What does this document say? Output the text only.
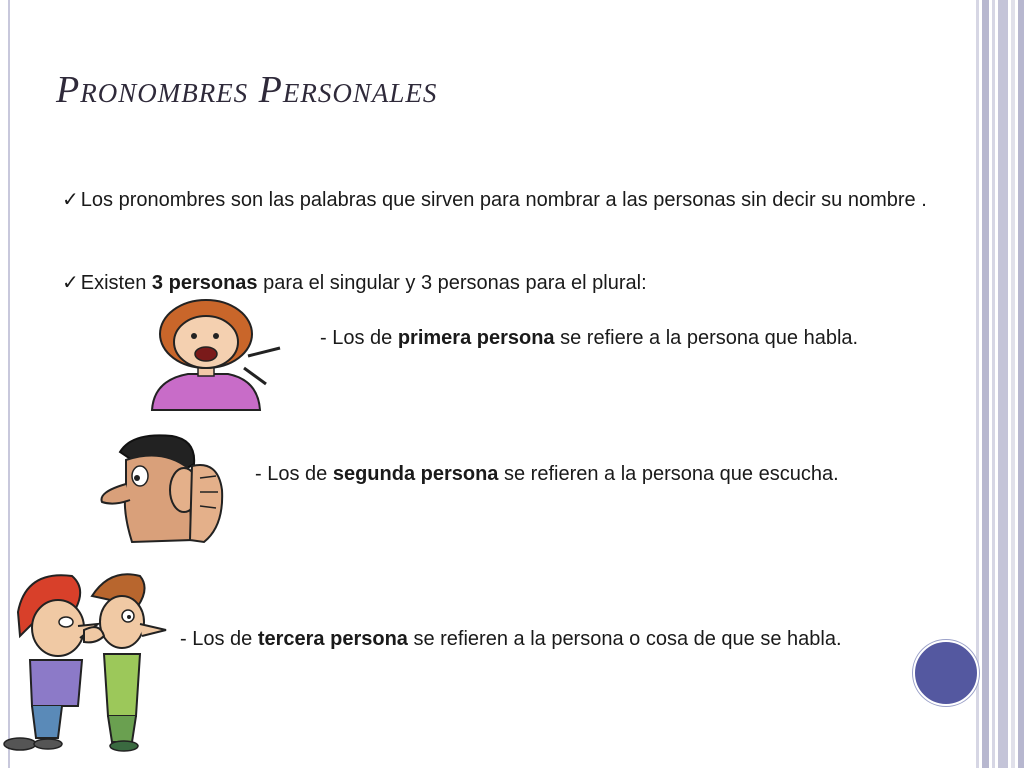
Pronombres Personales
✓ Los pronombres son las palabras que sirven para nombrar a las personas sin decir su nombre .
✓ Existen 3 personas para el singular y 3 personas para el plural:
- Los de primera persona se refiere a la persona que habla.
- Los de segunda persona se refieren a la persona que escucha.
- Los de tercera persona se refieren a la persona o cosa de que se habla.
